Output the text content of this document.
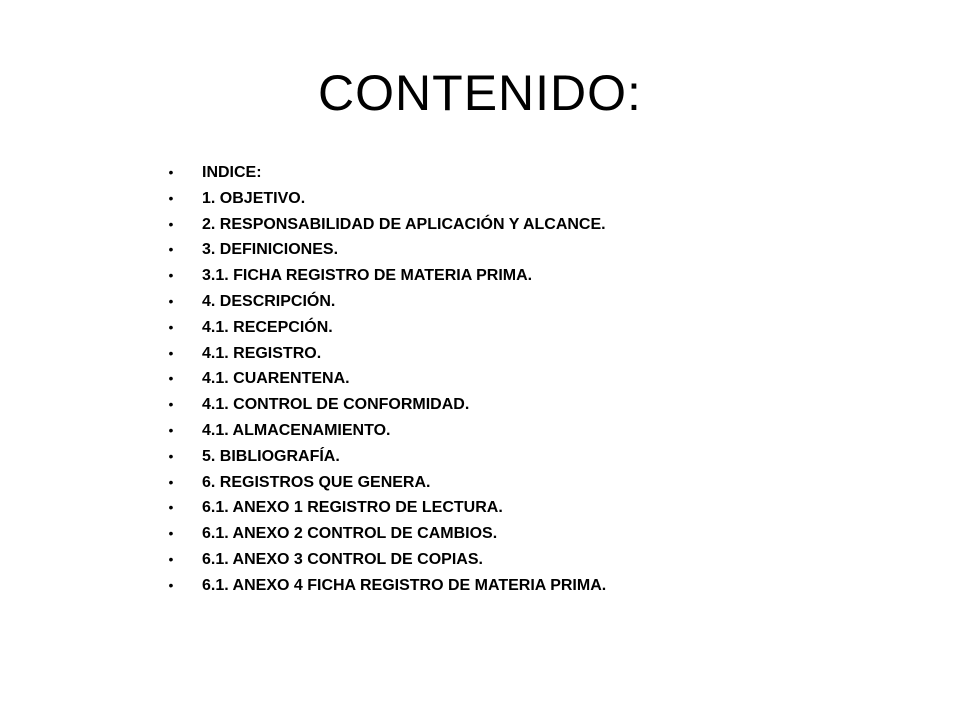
CONTENIDO:
• INDICE:
• 1. OBJETIVO.
• 2. RESPONSABILIDAD DE APLICACIÓN Y ALCANCE.
• 3. DEFINICIONES.
• 3.1. FICHA REGISTRO DE MATERIA PRIMA.
• 4. DESCRIPCIÓN.
• 4.1. RECEPCIÓN.
• 4.1. REGISTRO.
• 4.1. CUARENTENA.
• 4.1. CONTROL DE CONFORMIDAD.
• 4.1. ALMACENAMIENTO.
• 5. BIBLIOGRAFÍA.
• 6. REGISTROS QUE GENERA.
• 6.1. ANEXO 1 REGISTRO DE LECTURA.
• 6.1. ANEXO 2 CONTROL DE CAMBIOS.
• 6.1. ANEXO 3 CONTROL DE COPIAS.
• 6.1. ANEXO 4 FICHA REGISTRO DE MATERIA PRIMA.
